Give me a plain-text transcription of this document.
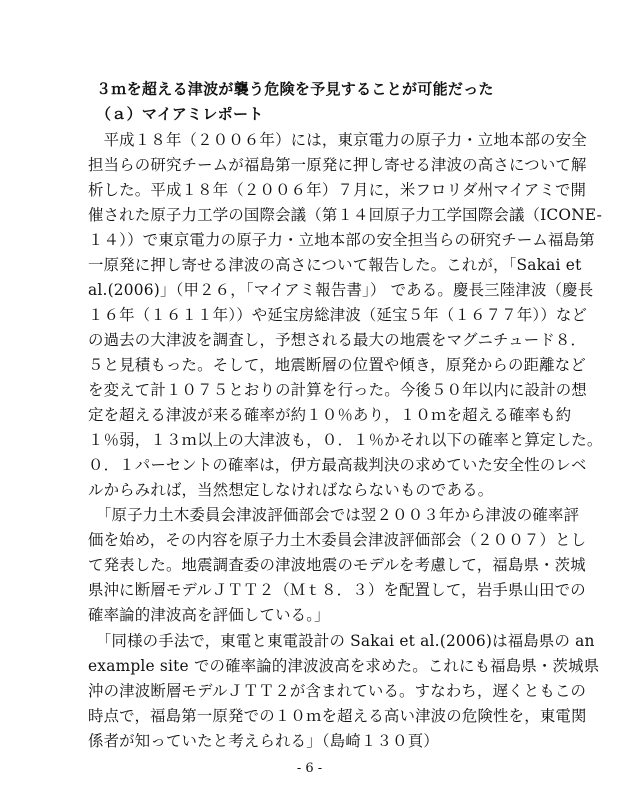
３ｍを超える津波が襲う危険を予見することが可能だった
（ａ）マイアミレポート
　平成１８年（２００６年）には，東京電力の原子力・立地本部の安全
担当らの研究チームが福島第一原発に押し寄せる津波の高さについて解
析した。平成１８年（２００６年）７月に，米フロリダ州マイアミで開
催された原子力工学の国際会議（第１４回原子力工学国際会議（ICONE-
１４））で東京電力の原子力・立地本部の安全担当らの研究チーム福島第
一原発に押し寄せる津波の高さについて報告した。これが，「Sakai et
al.(2006)」（甲２６，「マイアミ報告書」） である。慶長三陸津波（慶長
１６年（１６１１年））や延宝房総津波（延宝５年（１６７７年））など
の過去の大津波を調査し，予想される最大の地震をマグニチュード８．
５と見積もった。そして，地震断層の位置や傾き，原発からの距離など
を変えて計１０７５とおりの計算を行った。今後５０年以内に設計の想
定を超える津波が来る確率が約１０％あり，１０ｍを超える確率も約
１％弱，１３ｍ以上の大津波も，０．１％かそれ以下の確率と算定した。
０．１パーセントの確率は，伊方最高裁判決の求めていた安全性のレベ
ルからみれば，当然想定しなければならないものである。
　「原子力土木委員会津波評価部会では翌２００３年から津波の確率評
価を始め，その内容を原子力土木委員会津波評価部会（２００７）とし
て発表した。地震調査委の津波地震のモデルを考慮して，福島県・茨城
県沖に断層モデルＪＴＴ２（Ｍｔ８．３）を配置して，岩手県山田での
確率論的津波高を評価している。」
　「同様の手法で，東電と東電設計の Sakai et al.(2006)は福島県の an
example site での確率論的津波波高を求めた。これにも福島県・茨城県
沖の津波断層モデルＪＴＴ２が含まれている。すなわち，遅くともこの
時点で，福島第一原発での１０ｍを超える高い津波の危険性を，東電関
係者が知っていたと考えられる」（島崎１３０頁）
- 6 -
